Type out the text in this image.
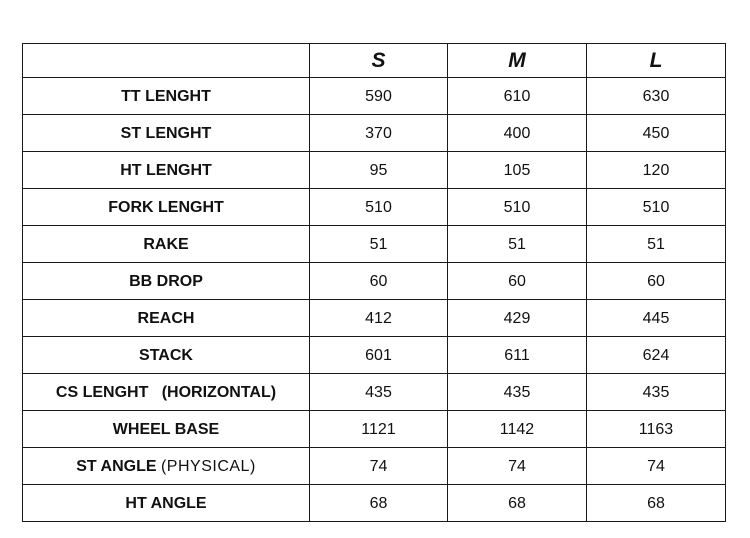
	S	M	L
TT LENGHT	590	610	630
ST LENGHT	370	400	450
HT LENGHT	95	105	120
FORK LENGHT	510	510	510
RAKE	51	51	51
BB DROP	60	60	60
REACH	412	429	445
STACK	601	611	624
CS LENGHT (HORIZONTAL)	435	435	435
WHEEL BASE	1121	1142	1163
ST ANGLE (PHYSICAL)	74	74	74
HT ANGLE	68	68	68
